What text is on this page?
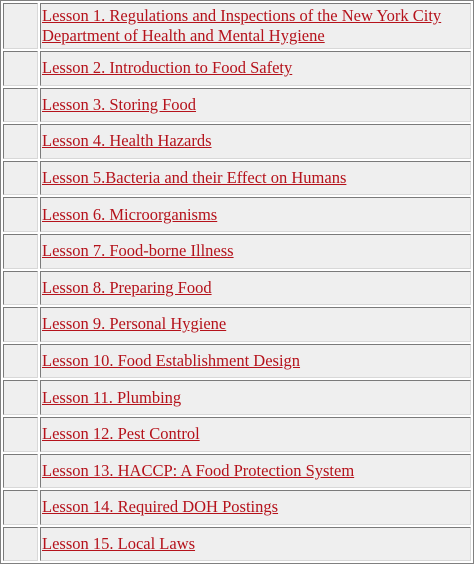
	Lesson 1. Regulations and Inspections of the New York City Department of Health and Mental Hygiene
	Lesson 2. Introduction to Food Safety
	Lesson 3. Storing Food
	Lesson 4. Health Hazards
	Lesson 5.Bacteria and their Effect on Humans
	Lesson 6. Microorganisms
	Lesson 7. Food-borne Illness
	Lesson 8. Preparing Food
	Lesson 9. Personal Hygiene
	Lesson 10. Food Establishment Design
	Lesson 11. Plumbing
	Lesson 12. Pest Control
	Lesson 13. HACCP: A Food Protection System
	Lesson 14. Required DOH Postings
	Lesson 15. Local Laws
